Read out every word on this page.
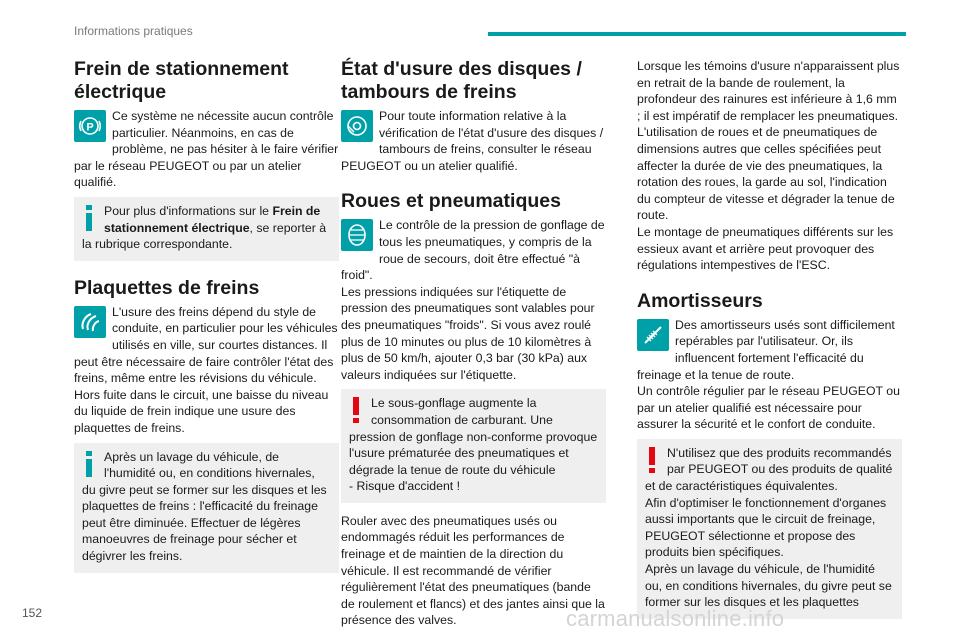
Informations pratiques
Frein de stationnement électrique
P

Ce système ne nécessite aucun contrôle particulier. Néanmoins, en cas de problème, ne pas hésiter à le faire vérifier par le réseau PEUGEOT ou par un atelier qualifié.

Pour plus d'informations sur le Frein de stationnement électrique, se reporter à la rubrique correspondante.

Plaquettes de freins

L'usure des freins dépend du style de conduite, en particulier pour les véhicules utilisés en ville, sur courtes distances. Il peut être nécessaire de faire contrôler l'état des freins, même entre les révisions du véhicule.

Hors fuite dans le circuit, une baisse du niveau du liquide de frein indique une usure des plaquettes de freins.

Après un lavage du véhicule, de l'humidité ou, en conditions hivernales, du givre peut se former sur les disques et les plaquettes de freins : l'efficacité du freinage peut être diminuée. Effectuer de légères manoeuvres de freinage pour sécher et dégivrer les freins.

État d'usure des disques / tambours de freins

Pour toute information relative à la vérification de l'état d'usure des disques / tambours de freins, consulter le réseau PEUGEOT ou un atelier qualifié.

Roues et pneumatiques

Le contrôle de la pression de gonflage de tous les pneumatiques, y compris de la roue de secours, doit être effectué "à froid".

Les pressions indiquées sur l'étiquette de pression des pneumatiques sont valables pour des pneumatiques "froids". Si vous avez roulé plus de 10 minutes ou plus de 10 kilomètres à plus de 50 km/h, ajouter 0,3 bar (30 kPa) aux valeurs indiquées sur l'étiquette.

Le sous-gonflage augmente la consommation de carburant. Une pression de gonflage non-conforme provoque l'usure prématurée des pneumatiques et dégrade la tenue de route du véhicule

- Risque d'accident !

Rouler avec des pneumatiques usés ou endommagés réduit les performances de freinage et de maintien de la direction du véhicule. Il est recommandé de vérifier régulièrement l'état des pneumatiques (bande de roulement et flancs) et des jantes ainsi que la présence des valves.

Lorsque les témoins d'usure n'apparaissent plus en retrait de la bande de roulement, la profondeur des rainures est inférieure à 1,6 mm ; il est impératif de remplacer les pneumatiques.

L'utilisation de roues et de pneumatiques de dimensions autres que celles spécifiées peut affecter la durée de vie des pneumatiques, la rotation des roues, la garde au sol, l'indication du compteur de vitesse et dégrader la tenue de route.

Le montage de pneumatiques différents sur les essieux avant et arrière peut provoquer des régulations intempestives de l'ESC.

Amortisseurs

Des amortisseurs usés sont difficilement repérables par l'utilisateur. Or, ils influencent fortement l'efficacité du freinage et la tenue de route.

Un contrôle régulier par le réseau PEUGEOT ou par un atelier qualifié est nécessaire pour assurer la sécurité et le confort de conduite.

N'utilisez que des produits recommandés par PEUGEOT ou des produits de qualité et de caractéristiques équivalentes.

Afin d'optimiser le fonctionnement d'organes aussi importants que le circuit de freinage, PEUGEOT sélectionne et propose des produits bien spécifiques.

Après un lavage du véhicule, de l'humidité ou, en conditions hivernales, du givre peut se former sur les disques et les plaquettes

152	carmanualsonline.info
